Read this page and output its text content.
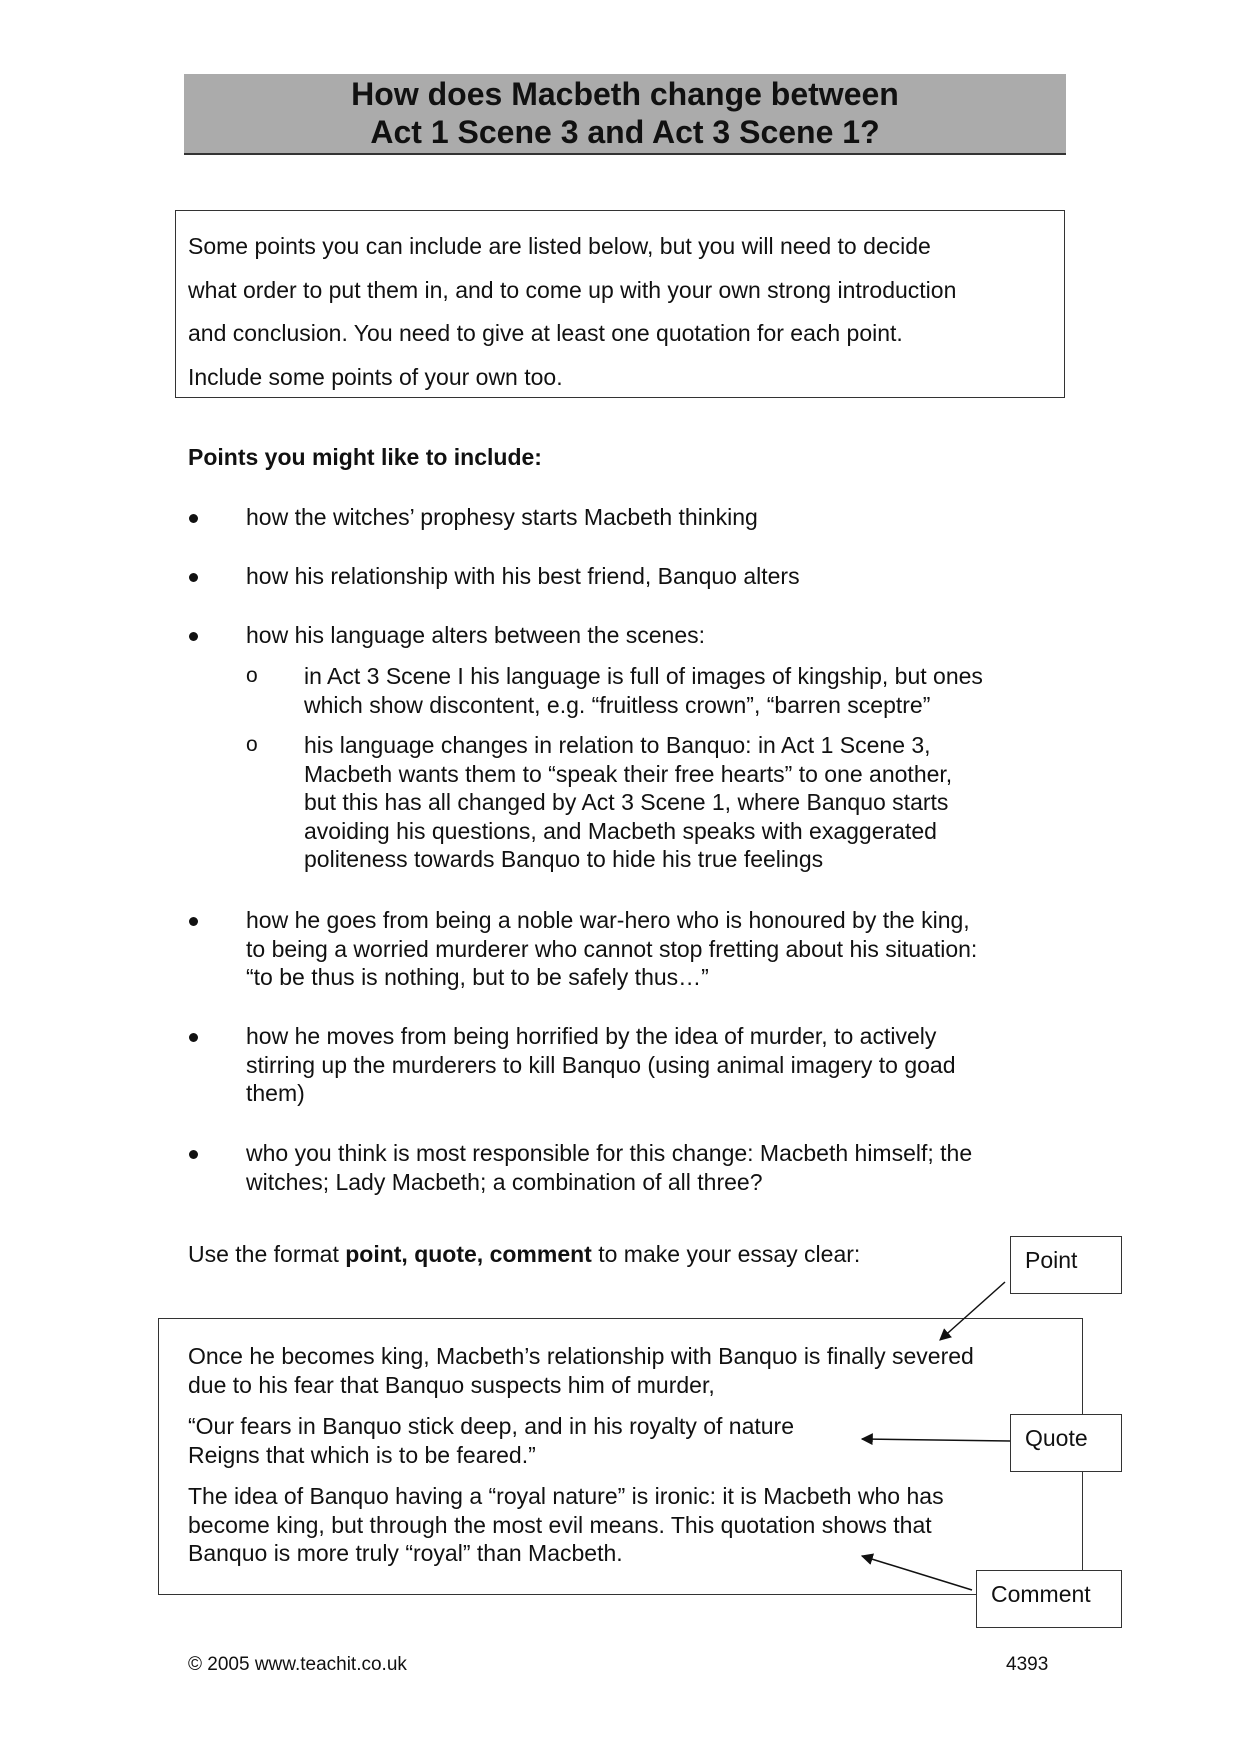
How does Macbeth change between
Act 1 Scene 3 and Act 3 Scene 1?
Some points you can include are listed below, but you will need to decide
what order to put them in, and to come up with your own strong introduction
and conclusion. You need to give at least one quotation for each point.
Include some points of your own too.
Points you might like to include:
how the witches’ prophesy starts Macbeth thinking
how his relationship with his best friend, Banquo alters
how his language alters between the scenes:
o in Act 3 Scene I his language is full of images of kingship, but ones
which show discontent, e.g. “fruitless crown”, “barren sceptre”
o his language changes in relation to Banquo: in Act 1 Scene 3,
Macbeth wants them to “speak their free hearts” to one another,
but this has all changed by Act 3 Scene 1, where Banquo starts
avoiding his questions, and Macbeth speaks with exaggerated
politeness towards Banquo to hide his true feelings
how he goes from being a noble war-hero who is honoured by the king,
to being a worried murderer who cannot stop fretting about his situation:
“to be thus is nothing, but to be safely thus…”
how he moves from being horrified by the idea of murder, to actively
stirring up the murderers to kill Banquo (using animal imagery to goad
them)
who you think is most responsible for this change: Macbeth himself; the
witches; Lady Macbeth; a combination of all three?
Use the format point, quote, comment to make your essay clear:
Once he becomes king, Macbeth’s relationship with Banquo is finally severed
due to his fear that Banquo suspects him of murder,
“Our fears in Banquo stick deep, and in his royalty of nature
Reigns that which is to be feared.”
The idea of Banquo having a “royal nature” is ironic: it is Macbeth who has
become king, but through the most evil means. This quotation shows that
Banquo is more truly “royal” than Macbeth.
Point
Quote
Comment
© 2005 www.teachit.co.uk	4393
